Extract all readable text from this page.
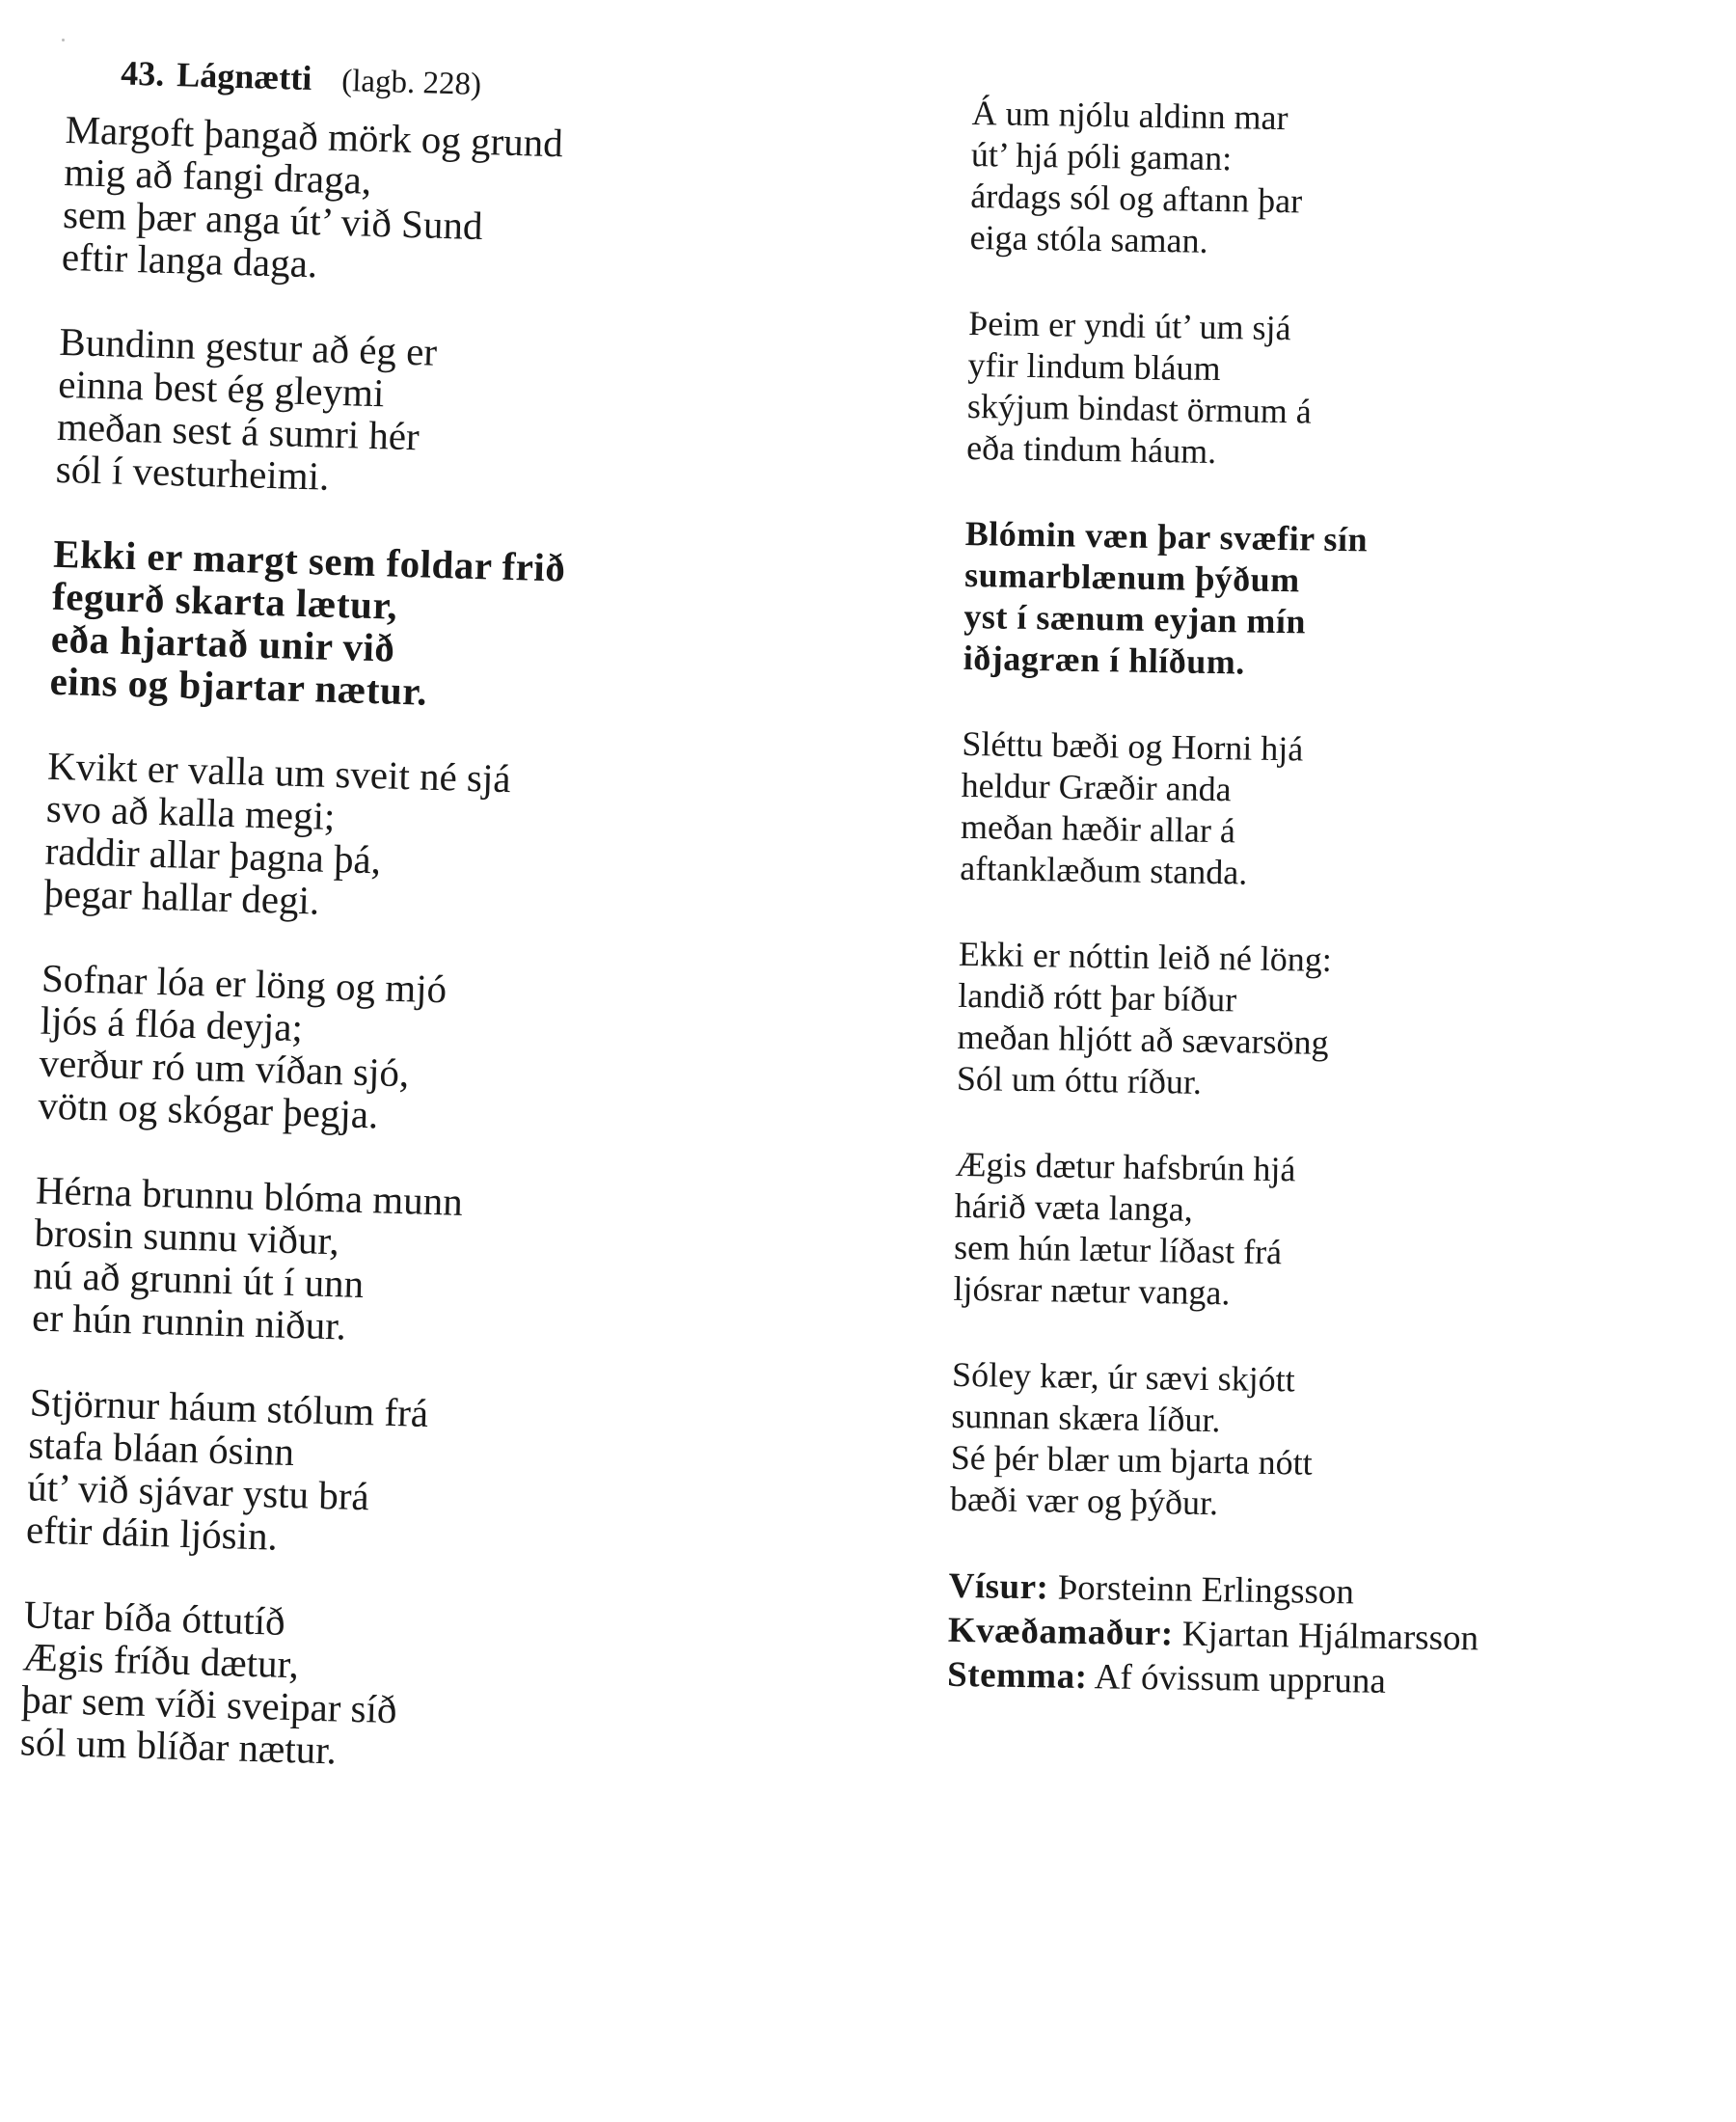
43. Lágnætti (lagb. 228)
Margoft þangað mörk og grund
mig að fangi draga,
sem þær anga út’ við Sund
eftir langa daga.
Bundinn gestur að ég er
einna best ég gleymi
meðan sest á sumri hér
sól í vesturheimi.
Ekki er margt sem foldar frið
fegurð skarta lætur,
eða hjartað unir við
eins og bjartar nætur.
Kvikt er valla um sveit né sjá
svo að kalla megi;
raddir allar þagna þá,
þegar hallar degi.
Sofnar lóa er löng og mjó
ljós á flóa deyja;
verður ró um víðan sjó,
vötn og skógar þegja.
Hérna brunnu blóma munn
brosin sunnu viður,
nú að grunni út í unn
er hún runnin niður.
Stjörnur háum stólum frá
stafa bláan ósinn
út’ við sjávar ystu brá
eftir dáin ljósin.
Utar bíða óttutíð
Ægis fríðu dætur,
þar sem víði sveipar síð
sól um blíðar nætur.
Á um njólu aldinn mar
út’ hjá póli gaman:
árdags sól og aftann þar
eiga stóla saman.
Þeim er yndi út’ um sjá
yfir lindum bláum
skýjum bindast örmum á
eða tindum háum.
Blómin væn þar svæfir sín
sumarblænum þýðum
yst í sænum eyjan mín
iðjagræn í hlíðum.
Sléttu bæði og Horni hjá
heldur Græðir anda
meðan hæðir allar á
aftanklæðum standa.
Ekki er nóttin leið né löng:
landið rótt þar bíður
meðan hljótt að sævarsöng
Sól um óttu ríður.
Ægis dætur hafsbrún hjá
hárið væta langa,
sem hún lætur líðast frá
ljósrar nætur vanga.
Sóley kær, úr sævi skjótt
sunnan skæra líður.
Sé þér blær um bjarta nótt
bæði vær og þýður.
Vísur: Þorsteinn Erlingsson
Kvæðamaður: Kjartan Hjálmarsson
Stemma: Af óvissum uppruna
